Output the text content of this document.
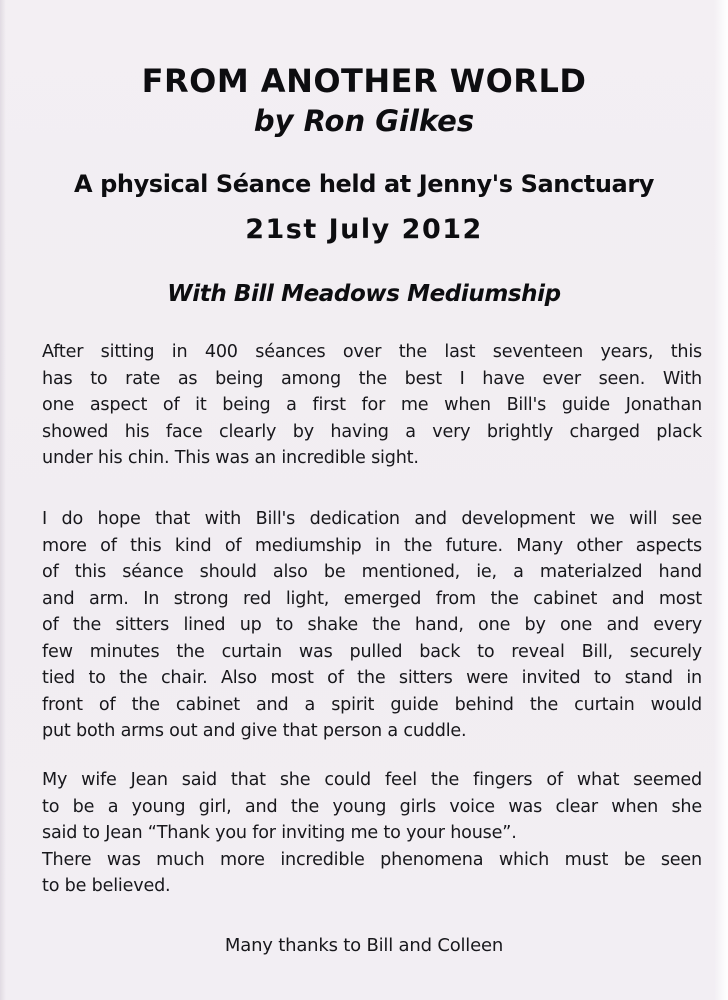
FROM ANOTHER WORLD
by Ron Gilkes
A physical Séance held at Jenny's Sanctuary
21st July 2012
With Bill Meadows Mediumship
After sitting in 400 séances over the last seventeen years, this
has to rate as being among the best I have ever seen. With
one aspect of it being a first for me when Bill's guide Jonathan
showed his face clearly by having a very brightly charged plack
under his chin. This was an incredible sight.
I do hope that with Bill's dedication and development we will see
more of this kind of mediumship in the future. Many other aspects
of this séance should also be mentioned, ie, a materialzed hand
and arm. In strong red light, emerged from the cabinet and most
of the sitters lined up to shake the hand, one by one and every
few minutes the curtain was pulled back to reveal Bill, securely
tied to the chair. Also most of the sitters were invited to stand in
front of the cabinet and a spirit guide behind the curtain would
put both arms out and give that person a cuddle.
My wife Jean said that she could feel the fingers of what seemed
to be a young girl, and the young girls voice was clear when she
said to Jean “Thank you for inviting me to your house”.
There was much more incredible phenomena which must be seen
to be believed.
Many thanks to Bill and Colleen
